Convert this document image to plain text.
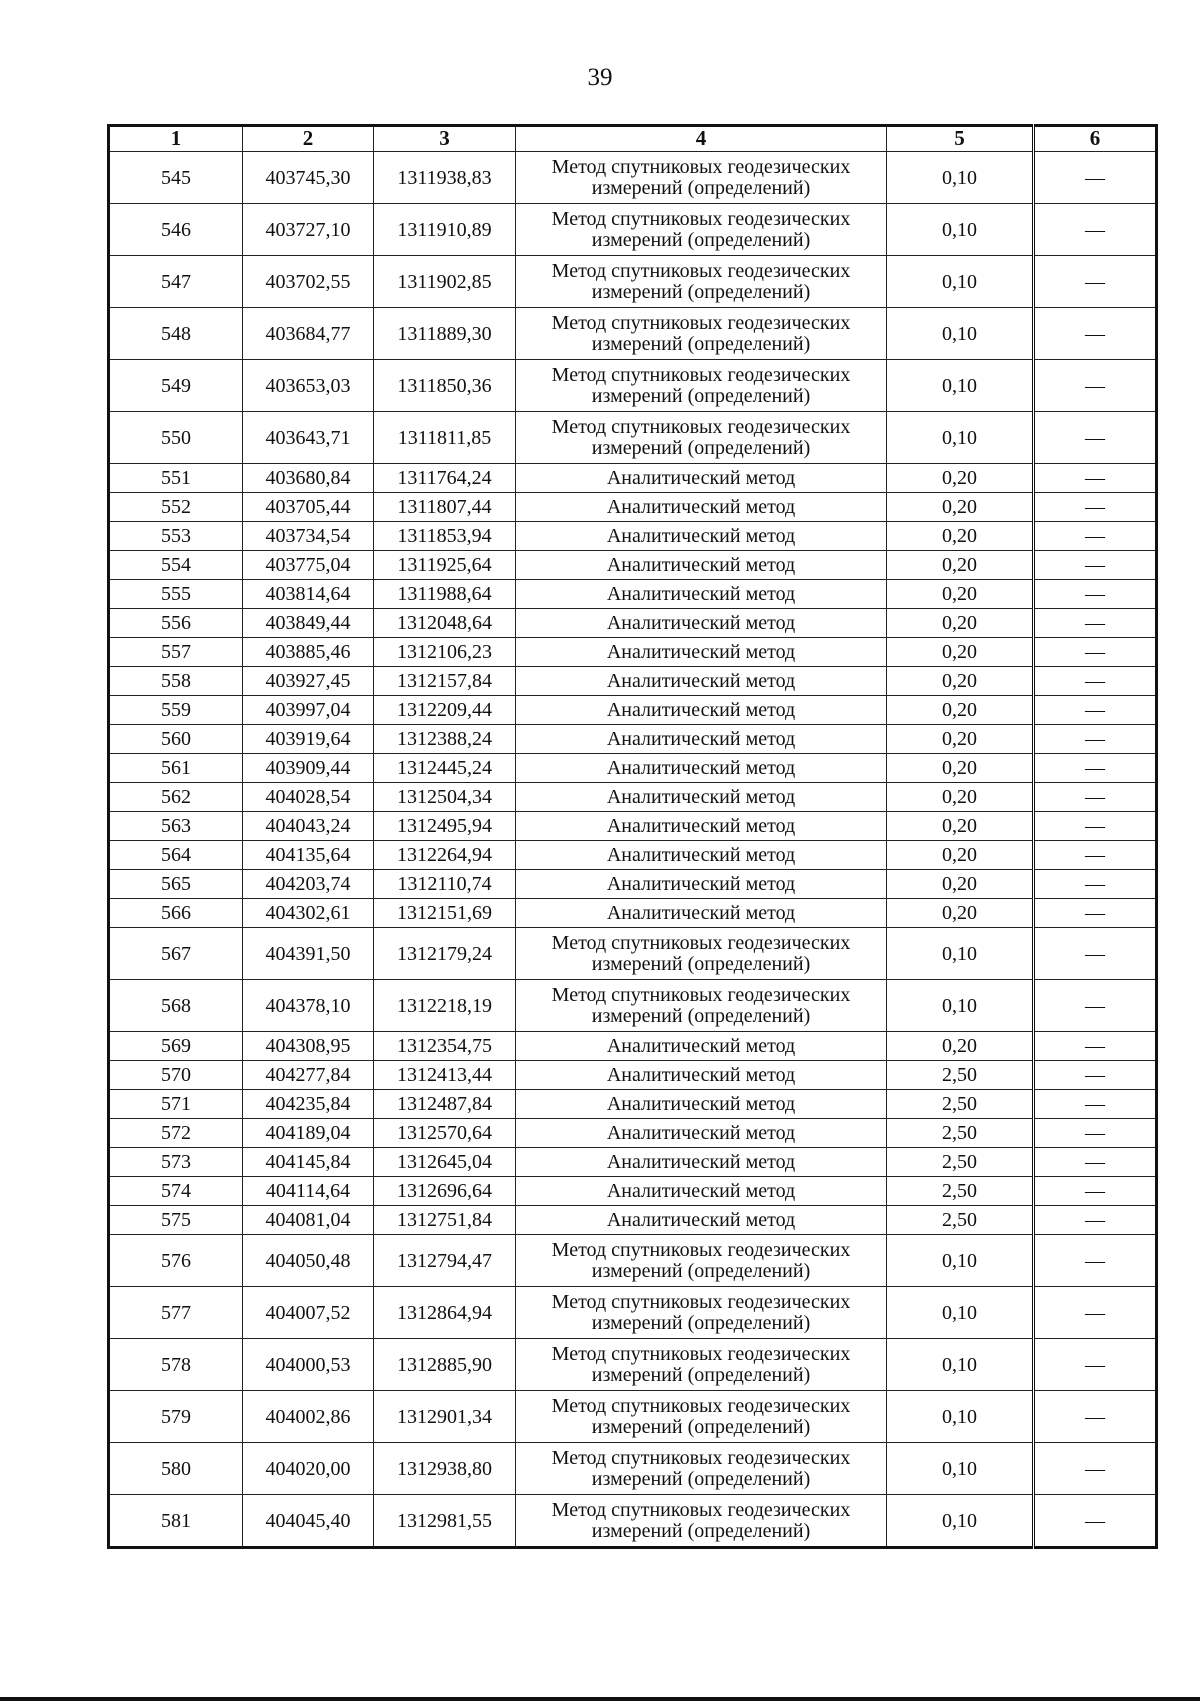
39
1	2	3	4	5	6
545	403745,30	1311938,83	Метод спутниковых геодезических измерений (определений)	0,10	—
546	403727,10	1311910,89	Метод спутниковых геодезических измерений (определений)	0,10	—
547	403702,55	1311902,85	Метод спутниковых геодезических измерений (определений)	0,10	—
548	403684,77	1311889,30	Метод спутниковых геодезических измерений (определений)	0,10	—
549	403653,03	1311850,36	Метод спутниковых геодезических измерений (определений)	0,10	—
550	403643,71	1311811,85	Метод спутниковых геодезических измерений (определений)	0,10	—
551	403680,84	1311764,24	Аналитический метод	0,20	—
552	403705,44	1311807,44	Аналитический метод	0,20	—
553	403734,54	1311853,94	Аналитический метод	0,20	—
554	403775,04	1311925,64	Аналитический метод	0,20	—
555	403814,64	1311988,64	Аналитический метод	0,20	—
556	403849,44	1312048,64	Аналитический метод	0,20	—
557	403885,46	1312106,23	Аналитический метод	0,20	—
558	403927,45	1312157,84	Аналитический метод	0,20	—
559	403997,04	1312209,44	Аналитический метод	0,20	—
560	403919,64	1312388,24	Аналитический метод	0,20	—
561	403909,44	1312445,24	Аналитический метод	0,20	—
562	404028,54	1312504,34	Аналитический метод	0,20	—
563	404043,24	1312495,94	Аналитический метод	0,20	—
564	404135,64	1312264,94	Аналитический метод	0,20	—
565	404203,74	1312110,74	Аналитический метод	0,20	—
566	404302,61	1312151,69	Аналитический метод	0,20	—
567	404391,50	1312179,24	Метод спутниковых геодезических измерений (определений)	0,10	—
568	404378,10	1312218,19	Метод спутниковых геодезических измерений (определений)	0,10	—
569	404308,95	1312354,75	Аналитический метод	0,20	—
570	404277,84	1312413,44	Аналитический метод	2,50	—
571	404235,84	1312487,84	Аналитический метод	2,50	—
572	404189,04	1312570,64	Аналитический метод	2,50	—
573	404145,84	1312645,04	Аналитический метод	2,50	—
574	404114,64	1312696,64	Аналитический метод	2,50	—
575	404081,04	1312751,84	Аналитический метод	2,50	—
576	404050,48	1312794,47	Метод спутниковых геодезических измерений (определений)	0,10	—
577	404007,52	1312864,94	Метод спутниковых геодезических измерений (определений)	0,10	—
578	404000,53	1312885,90	Метод спутниковых геодезических измерений (определений)	0,10	—
579	404002,86	1312901,34	Метод спутниковых геодезических измерений (определений)	0,10	—
580	404020,00	1312938,80	Метод спутниковых геодезических измерений (определений)	0,10	—
581	404045,40	1312981,55	Метод спутниковых геодезических измерений (определений)	0,10	—
